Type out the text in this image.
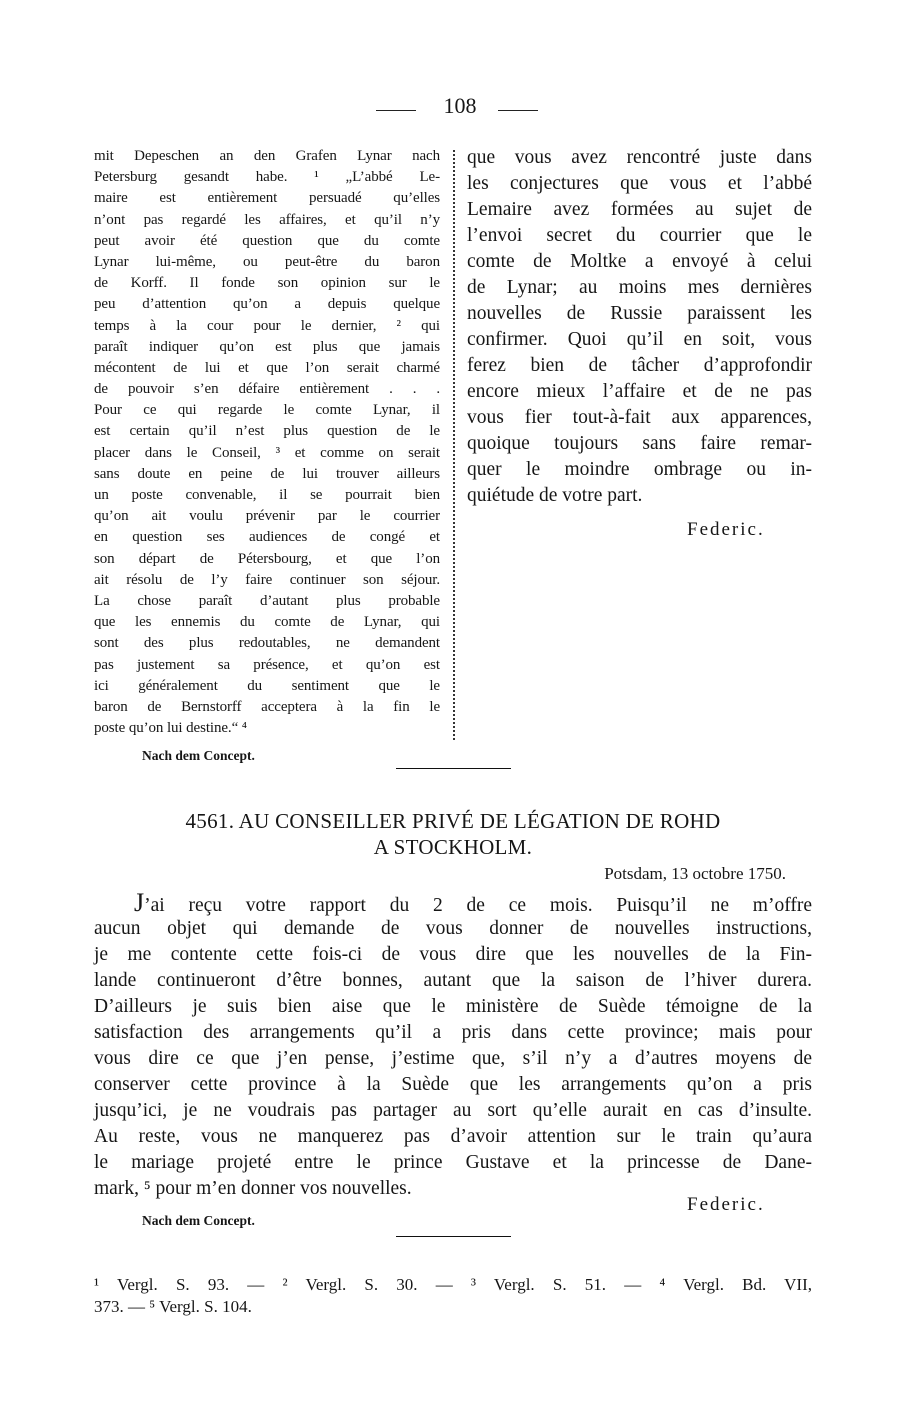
108
mit Depeschen an den Grafen Lynar nach
Petersburg gesandt habe. ¹ „L’abbé Le-
maire est entièrement persuadé qu’elles
n’ont pas regardé les affaires, et qu’il n’y
peut avoir été question que du comte
Lynar lui-même, ou peut-être du baron
de Korff. Il fonde son opinion sur le
peu d’attention qu’on a depuis quelque
temps à la cour pour le dernier, ² qui
paraît indiquer qu’on est plus que jamais
mécontent de lui et que l’on serait charmé
de pouvoir s’en défaire entièrement . . .
Pour ce qui regarde le comte Lynar, il
est certain qu’il n’est plus question de le
placer dans le Conseil, ³ et comme on serait
sans doute en peine de lui trouver ailleurs
un poste convenable, il se pourrait bien
qu’on ait voulu prévenir par le courrier
en question ses audiences de congé et
son départ de Pétersbourg, et que l’on
ait résolu de l’y faire continuer son séjour.
La chose paraît d’autant plus probable
que les ennemis du comte de Lynar, qui
sont des plus redoutables, ne demandent
pas justement sa présence, et qu’on est
ici généralement du sentiment que le
baron de Bernstorff acceptera à la fin le
poste qu’on lui destine.“ ⁴
Nach dem Concept.
que vous avez rencontré juste dans
les conjectures que vous et l’abbé
Lemaire avez formées au sujet de
l’envoi secret du courrier que le
comte de Moltke a envoyé à celui
de Lynar; au moins mes dernières
nouvelles de Russie paraissent les
confirmer. Quoi qu’il en soit, vous
ferez bien de tâcher d’approfondir
encore mieux l’affaire et de ne pas
vous fier tout-à-fait aux apparences,
quoique toujours sans faire remar-
quer le moindre ombrage ou in-
quiétude de votre part.
Federic.
4561. AU CONSEILLER PRIVÉ DE LÉGATION DE ROHD
A STOCKHOLM.
Potsdam, 13 octobre 1750.
J’ai reçu votre rapport du 2 de ce mois. Puisqu’il ne m’offre
aucun objet qui demande de vous donner de nouvelles instructions,
je me contente cette fois-ci de vous dire que les nouvelles de la Fin-
lande continueront d’être bonnes, autant que la saison de l’hiver durera.
D’ailleurs je suis bien aise que le ministère de Suède témoigne de la
satisfaction des arrangements qu’il a pris dans cette province; mais pour
vous dire ce que j’en pense, j’estime que, s’il n’y a d’autres moyens de
conserver cette province à la Suède que les arrangements qu’on a pris
jusqu’ici, je ne voudrais pas partager au sort qu’elle aurait en cas d’insulte.
Au reste, vous ne manquerez pas d’avoir attention sur le train qu’aura
le mariage projeté entre le prince Gustave et la princesse de Dane-
mark, ⁵ pour m’en donner vos nouvelles.
Federic.
Nach dem Concept.
¹ Vergl. S. 93. — ² Vergl. S. 30. — ³ Vergl. S. 51. — ⁴ Vergl. Bd. VII,
373. — ⁵ Vergl. S. 104.
